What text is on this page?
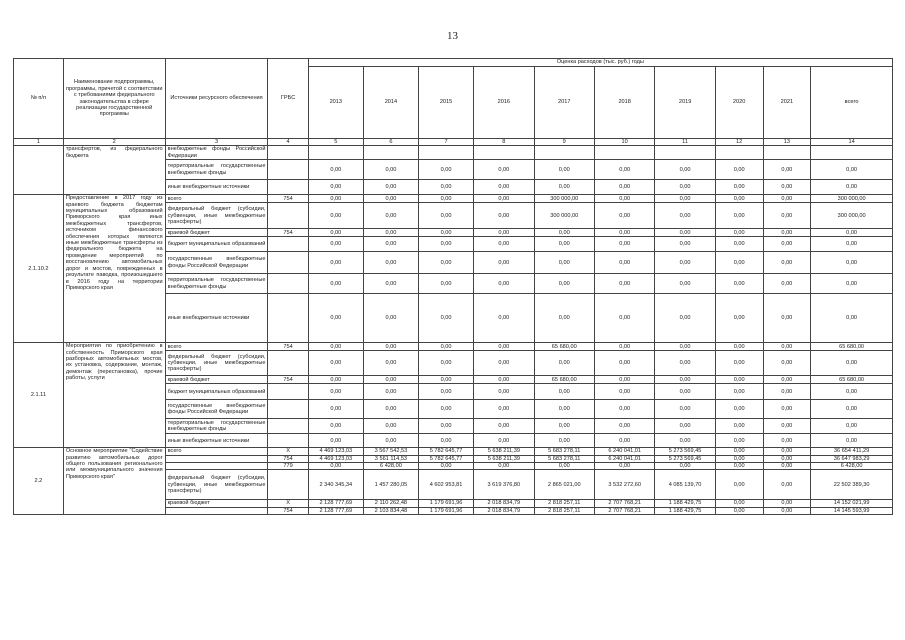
13
№ п/п	Наименование подпрограммы, программы, причетой с соответствии с требованиями федерального законодательства в сфере реализации государственной программы	Источники ресурсного обеспечения	ГРБС	Оценка расходов (тыс. руб.) годы									
				2013	2014	2015	2016	2017	2018	2019	2020	2021	всего
1	2	3	4	5	6	7	8	9	10	11	12	13	14
	трансфертов, из федерального бюджета	внебюджетные фонды Российской Федерации											
		территориальные государственные внебюджетные фонды		0,00	0,00	0,00	0,00	0,00	0,00	0,00	0,00	0,00	0,00
		иные внебюджетные источники		0,00	0,00	0,00	0,00	0,00	0,00	0,00	0,00	0,00	0,00
2.1.10.2	Предоставление в 2017 году из краевого бюджета бюджетам муниципальных образований Приморского края иных межбюджетных трансфертов, источником финансового обеспечения которых являются иные межбюджетные трансферты из федерального бюджета на проведение мероприятий по восстановлению автомобильных дорог и мостов, поврежденных в результате паводка, произошедшего в 2016 году на территории Приморского края	всего	754	0,00	0,00	0,00	0,00	300 000,00	0,00	0,00	0,00	0,00	300 000,00
		федеральный бюджет (субсидии, субвенции, иные межбюджетные трансферты)		0,00	0,00	0,00	0,00	300 000,00	0,00	0,00	0,00	0,00	300 000,00
		краевой бюджет	754	0,00	0,00	0,00	0,00	0,00	0,00	0,00	0,00	0,00	0,00
		бюджет муниципальных образований		0,00	0,00	0,00	0,00	0,00	0,00	0,00	0,00	0,00	0,00
		государственные внебюджетные фонды Российской Федерации		0,00	0,00	0,00	0,00	0,00	0,00	0,00	0,00	0,00	0,00
		территориальные государственные внебюджетные фонды		0,00	0,00	0,00	0,00	0,00	0,00	0,00	0,00	0,00	0,00
		иные внебюджетные источники		0,00	0,00	0,00	0,00	0,00	0,00	0,00	0,00	0,00	0,00
2.1.11	Мероприятия по приобретению в собственность Приморского края разборных автомобильных мостов, их установка, содержание, монтаж, демонтаж (перестановка), прочие работы, услуги	всего	754	0,00	0,00	0,00	0,00	65 680,00	0,00	0,00	0,00	0,00	65 680,00
		федеральный бюджет (субсидии, субвенции, иные межбюджетные трансферты)		0,00	0,00	0,00	0,00	0,00	0,00	0,00	0,00	0,00	0,00
		краевой бюджет	754	0,00	0,00	0,00	0,00	65 680,00	0,00	0,00	0,00	0,00	65 680,00
		бюджет муниципальных образований		0,00	0,00	0,00	0,00	0,00	0,00	0,00	0,00	0,00	0,00
		государственные внебюджетные фонды Российской Федерации		0,00	0,00	0,00	0,00	0,00	0,00	0,00	0,00	0,00	0,00
		территориальные государственные внебюджетные фонды		0,00	0,00	0,00	0,00	0,00	0,00	0,00	0,00	0,00	0,00
		иные внебюджетные источники		0,00	0,00	0,00	0,00	0,00	0,00	0,00	0,00	0,00	0,00
2.2	Основное мероприятие "Содействие развитию автомобильных дорог общего пользования регионального или межмуниципального значения Приморского края"	всего	X	4 469 123,03	3 567 542,53	5 782 645,77	5 638 211,39	5 683 278,11	6 240 041,01	5 273 569,45	0,00	0,00	36 654 411,29
			754	4 469 123,03	3 561 114,53	5 782 645,77	5 638 211,39	5 683 278,11	6 240 041,01	5 273 569,45	0,00	0,00	36 647 983,29
			779	0,00	6 428,00	0,00	0,00	0,00	0,00	0,00	0,00	0,00	6 428,00
		федеральный бюджет (субсидии, субвенции, иные межбюджетные трансферты)		2 340 345,34	1 457 280,05	4 602 953,81	3 619 376,80	2 865 021,00	3 532 272,60	4 085 139,70	0,00	0,00	22 502 389,30
		краевой бюджет	X	2 128 777,69	2 110 262,48	1 179 691,96	2 018 834,79	2 818 257,11	2 707 768,21	1 188 429,75	0,00	0,00	14 152 021,99
			754	2 128 777,69	2 103 834,48	1 179 691,96	2 018 834,79	2 818 257,11	2 707 768,21	1 188 429,75	0,00	0,00	14 145 593,99
